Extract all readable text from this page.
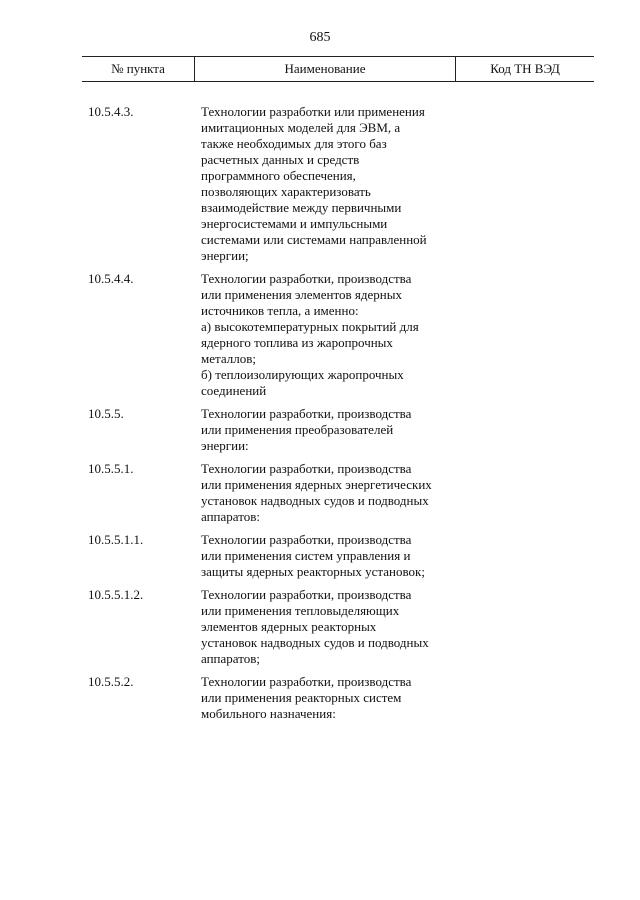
685
№ пункта	Наименование	Код ТН ВЭД
10.5.4.3.	Технологии разработки или применения
имитационных моделей для ЭВМ, а
также необходимых для этого баз
расчетных данных и средств
программного обеспечения,
позволяющих характеризовать
взаимодействие между первичными
энергосистемами и импульсными
системами или системами направленной
энергии;
10.5.4.4.	Технологии разработки, производства
или применения элементов ядерных
источников тепла, а именно:
а) высокотемпературных покрытий для
ядерного топлива из жаропрочных
металлов;
б) теплоизолирующих жаропрочных
соединений
10.5.5.	Технологии разработки, производства
или применения преобразователей
энергии:
10.5.5.1.	Технологии разработки, производства
или применения ядерных энергетических
установок надводных судов и подводных
аппаратов:
10.5.5.1.1.	Технологии разработки, производства
или применения систем управления и
защиты ядерных реакторных установок;
10.5.5.1.2.	Технологии разработки, производства
или применения тепловыделяющих
элементов ядерных реакторных
установок надводных судов и подводных
аппаратов;
10.5.5.2.	Технологии разработки, производства
или применения реакторных систем
мобильного назначения:
